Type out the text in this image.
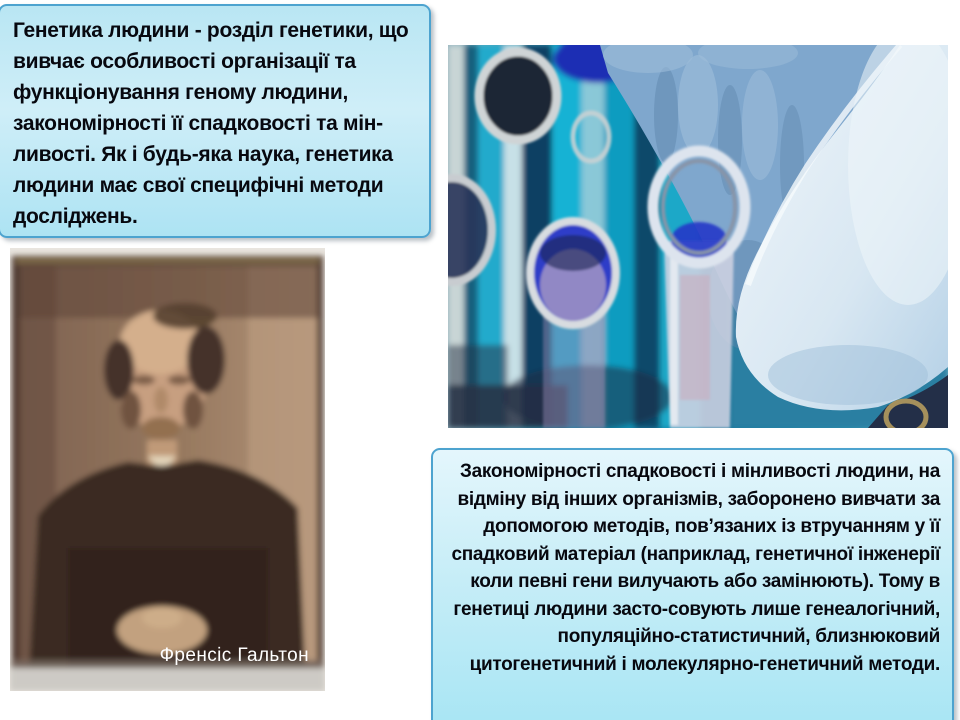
Генетика людини - розділ генетики, що вивчає особливості організації та функціонування геному людини, закономірності її спадковості та мін-ливості. Як і будь-яка наука, генетика людини має свої специфічні методи досліджень.

Френсіс Гальтон

Закономірності спадковості і мінливості людини, на відміну від інших організмів, заборонено вивчати за допомогою методів, пов’язаних із втручанням у її спадковий матеріал (наприклад, генетичної інженерії коли певні гени вилучають або замінюють). Тому в генетиці людини засто-совують лише генеалогічний, популяційно-статистичний, близнюковий цитогенетичний і молекулярно-генетичний методи.
